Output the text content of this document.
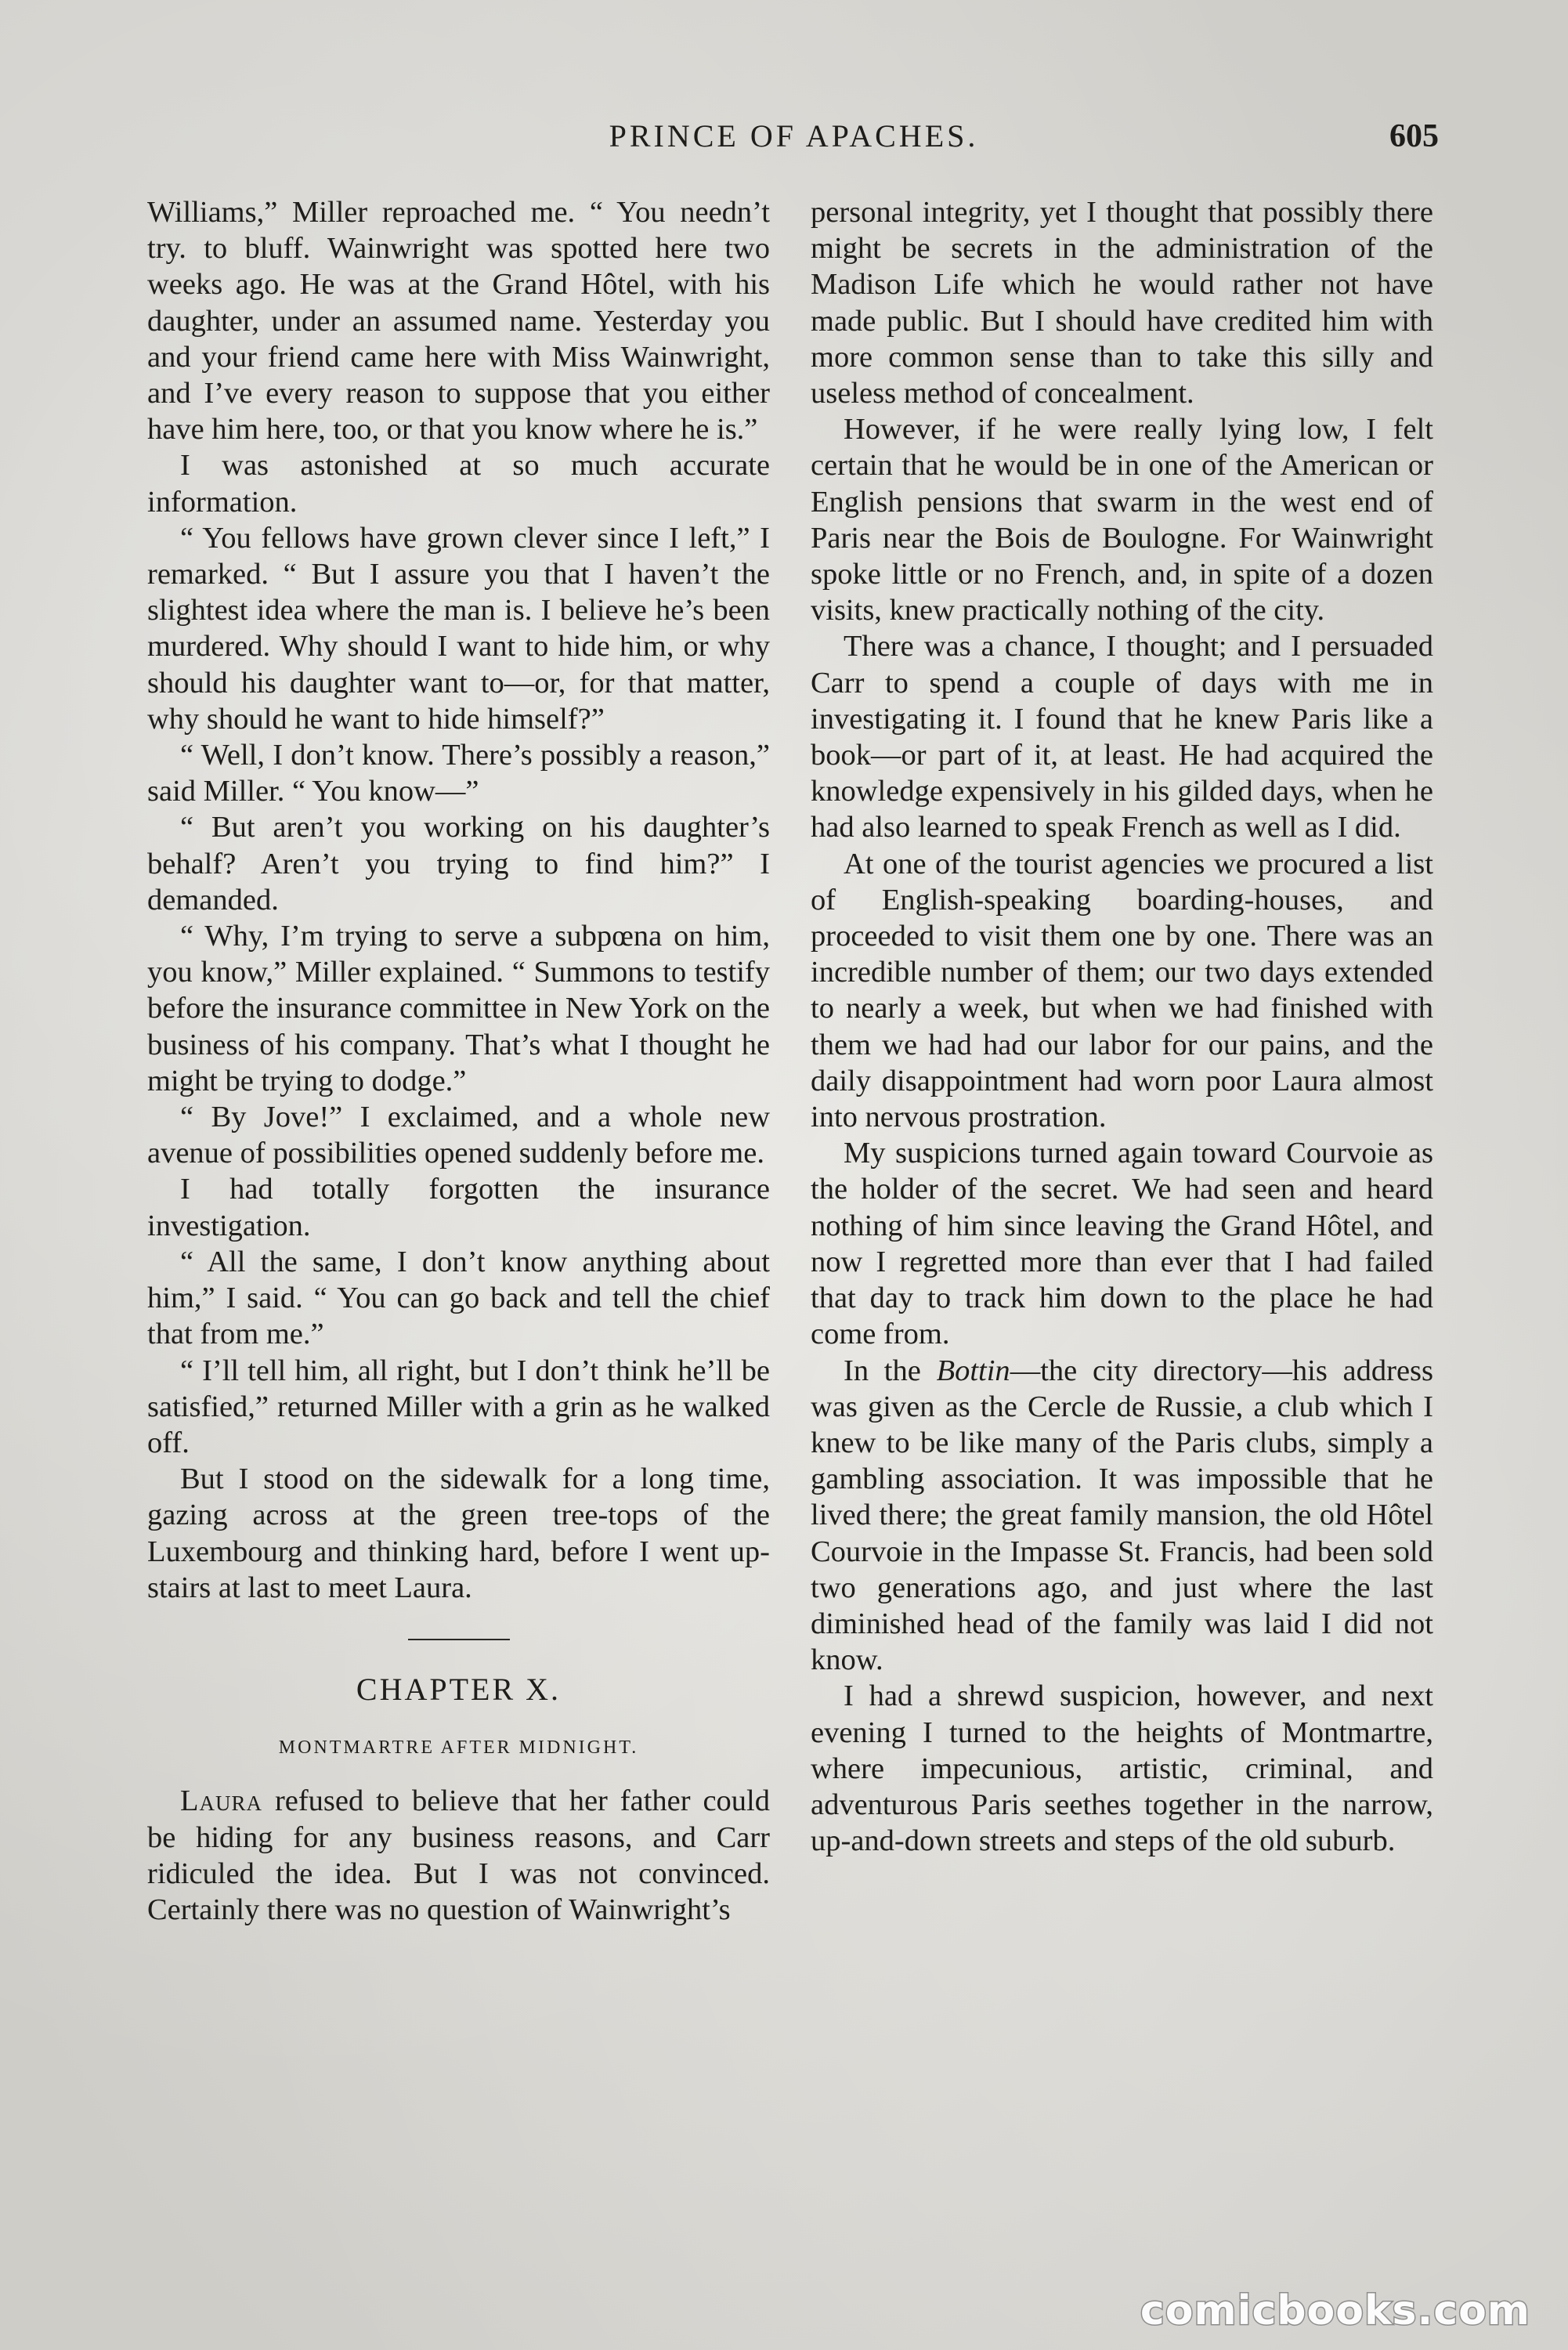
PRINCE OF APACHES.	605

Williams,” Miller reproached me. “ You needn’t try. to bluff. Wainwright was spotted here two weeks ago. He was at the Grand Hôtel, with his daughter, under an assumed name. Yesterday you and your friend came here with Miss Wainwright, and I’ve every reason to suppose that you either have him here, too, or that you know where he is.”

I was astonished at so much accurate information.

“ You fellows have grown clever since I left,” I remarked. “ But I assure you that I haven’t the slightest idea where the man is. I believe he’s been murdered. Why should I want to hide him, or why should his daughter want to—or, for that matter, why should he want to hide himself?”

“ Well, I don’t know. There’s possibly a reason,” said Miller. “ You know—”

“ But aren’t you working on his daughter’s behalf? Aren’t you trying to find him?” I demanded.

“ Why, I’m trying to serve a subpœna on him, you know,” Miller explained. “ Summons to testify before the insurance committee in New York on the business of his company. That’s what I thought he might be trying to dodge.”

“ By Jove!” I exclaimed, and a whole new avenue of possibilities opened suddenly before me.

I had totally forgotten the insurance investigation.

“ All the same, I don’t know anything about him,” I said. “ You can go back and tell the chief that from me.”

“ I’ll tell him, all right, but I don’t think he’ll be satisfied,” returned Miller with a grin as he walked off.

But I stood on the sidewalk for a long time, gazing across at the green tree-tops of the Luxembourg and thinking hard, before I went up-stairs at last to meet Laura.

CHAPTER X.
MONTMARTRE AFTER MIDNIGHT.

Laura refused to believe that her father could be hiding for any business reasons, and Carr ridiculed the idea. But I was not convinced. Certainly there was no question of Wainwright’s

personal integrity, yet I thought that possibly there might be secrets in the administration of the Madison Life which he would rather not have made public. But I should have credited him with more common sense than to take this silly and useless method of concealment.

However, if he were really lying low, I felt certain that he would be in one of the American or English pensions that swarm in the west end of Paris near the Bois de Boulogne. For Wainwright spoke little or no French, and, in spite of a dozen visits, knew practically nothing of the city.

There was a chance, I thought; and I persuaded Carr to spend a couple of days with me in investigating it. I found that he knew Paris like a book—or part of it, at least. He had acquired the knowledge expensively in his gilded days, when he had also learned to speak French as well as I did.

At one of the tourist agencies we procured a list of English-speaking boarding-houses, and proceeded to visit them one by one. There was an incredible number of them; our two days extended to nearly a week, but when we had finished with them we had had our labor for our pains, and the daily disappointment had worn poor Laura almost into nervous prostration.

My suspicions turned again toward Courvoie as the holder of the secret. We had seen and heard nothing of him since leaving the Grand Hôtel, and now I regretted more than ever that I had failed that day to track him down to the place he had come from.

In the Bottin—the city directory—his address was given as the Cercle de Russie, a club which I knew to be like many of the Paris clubs, simply a gambling association. It was impossible that he lived there; the great family mansion, the old Hôtel Courvoie in the Impasse St. Francis, had been sold two generations ago, and just where the last diminished head of the family was laid I did not know.

I had a shrewd suspicion, however, and next evening I turned to the heights of Montmartre, where impecunious, artistic, criminal, and adventurous Paris seethes together in the narrow, up-and-down streets and steps of the old suburb.

comicbooks.com
